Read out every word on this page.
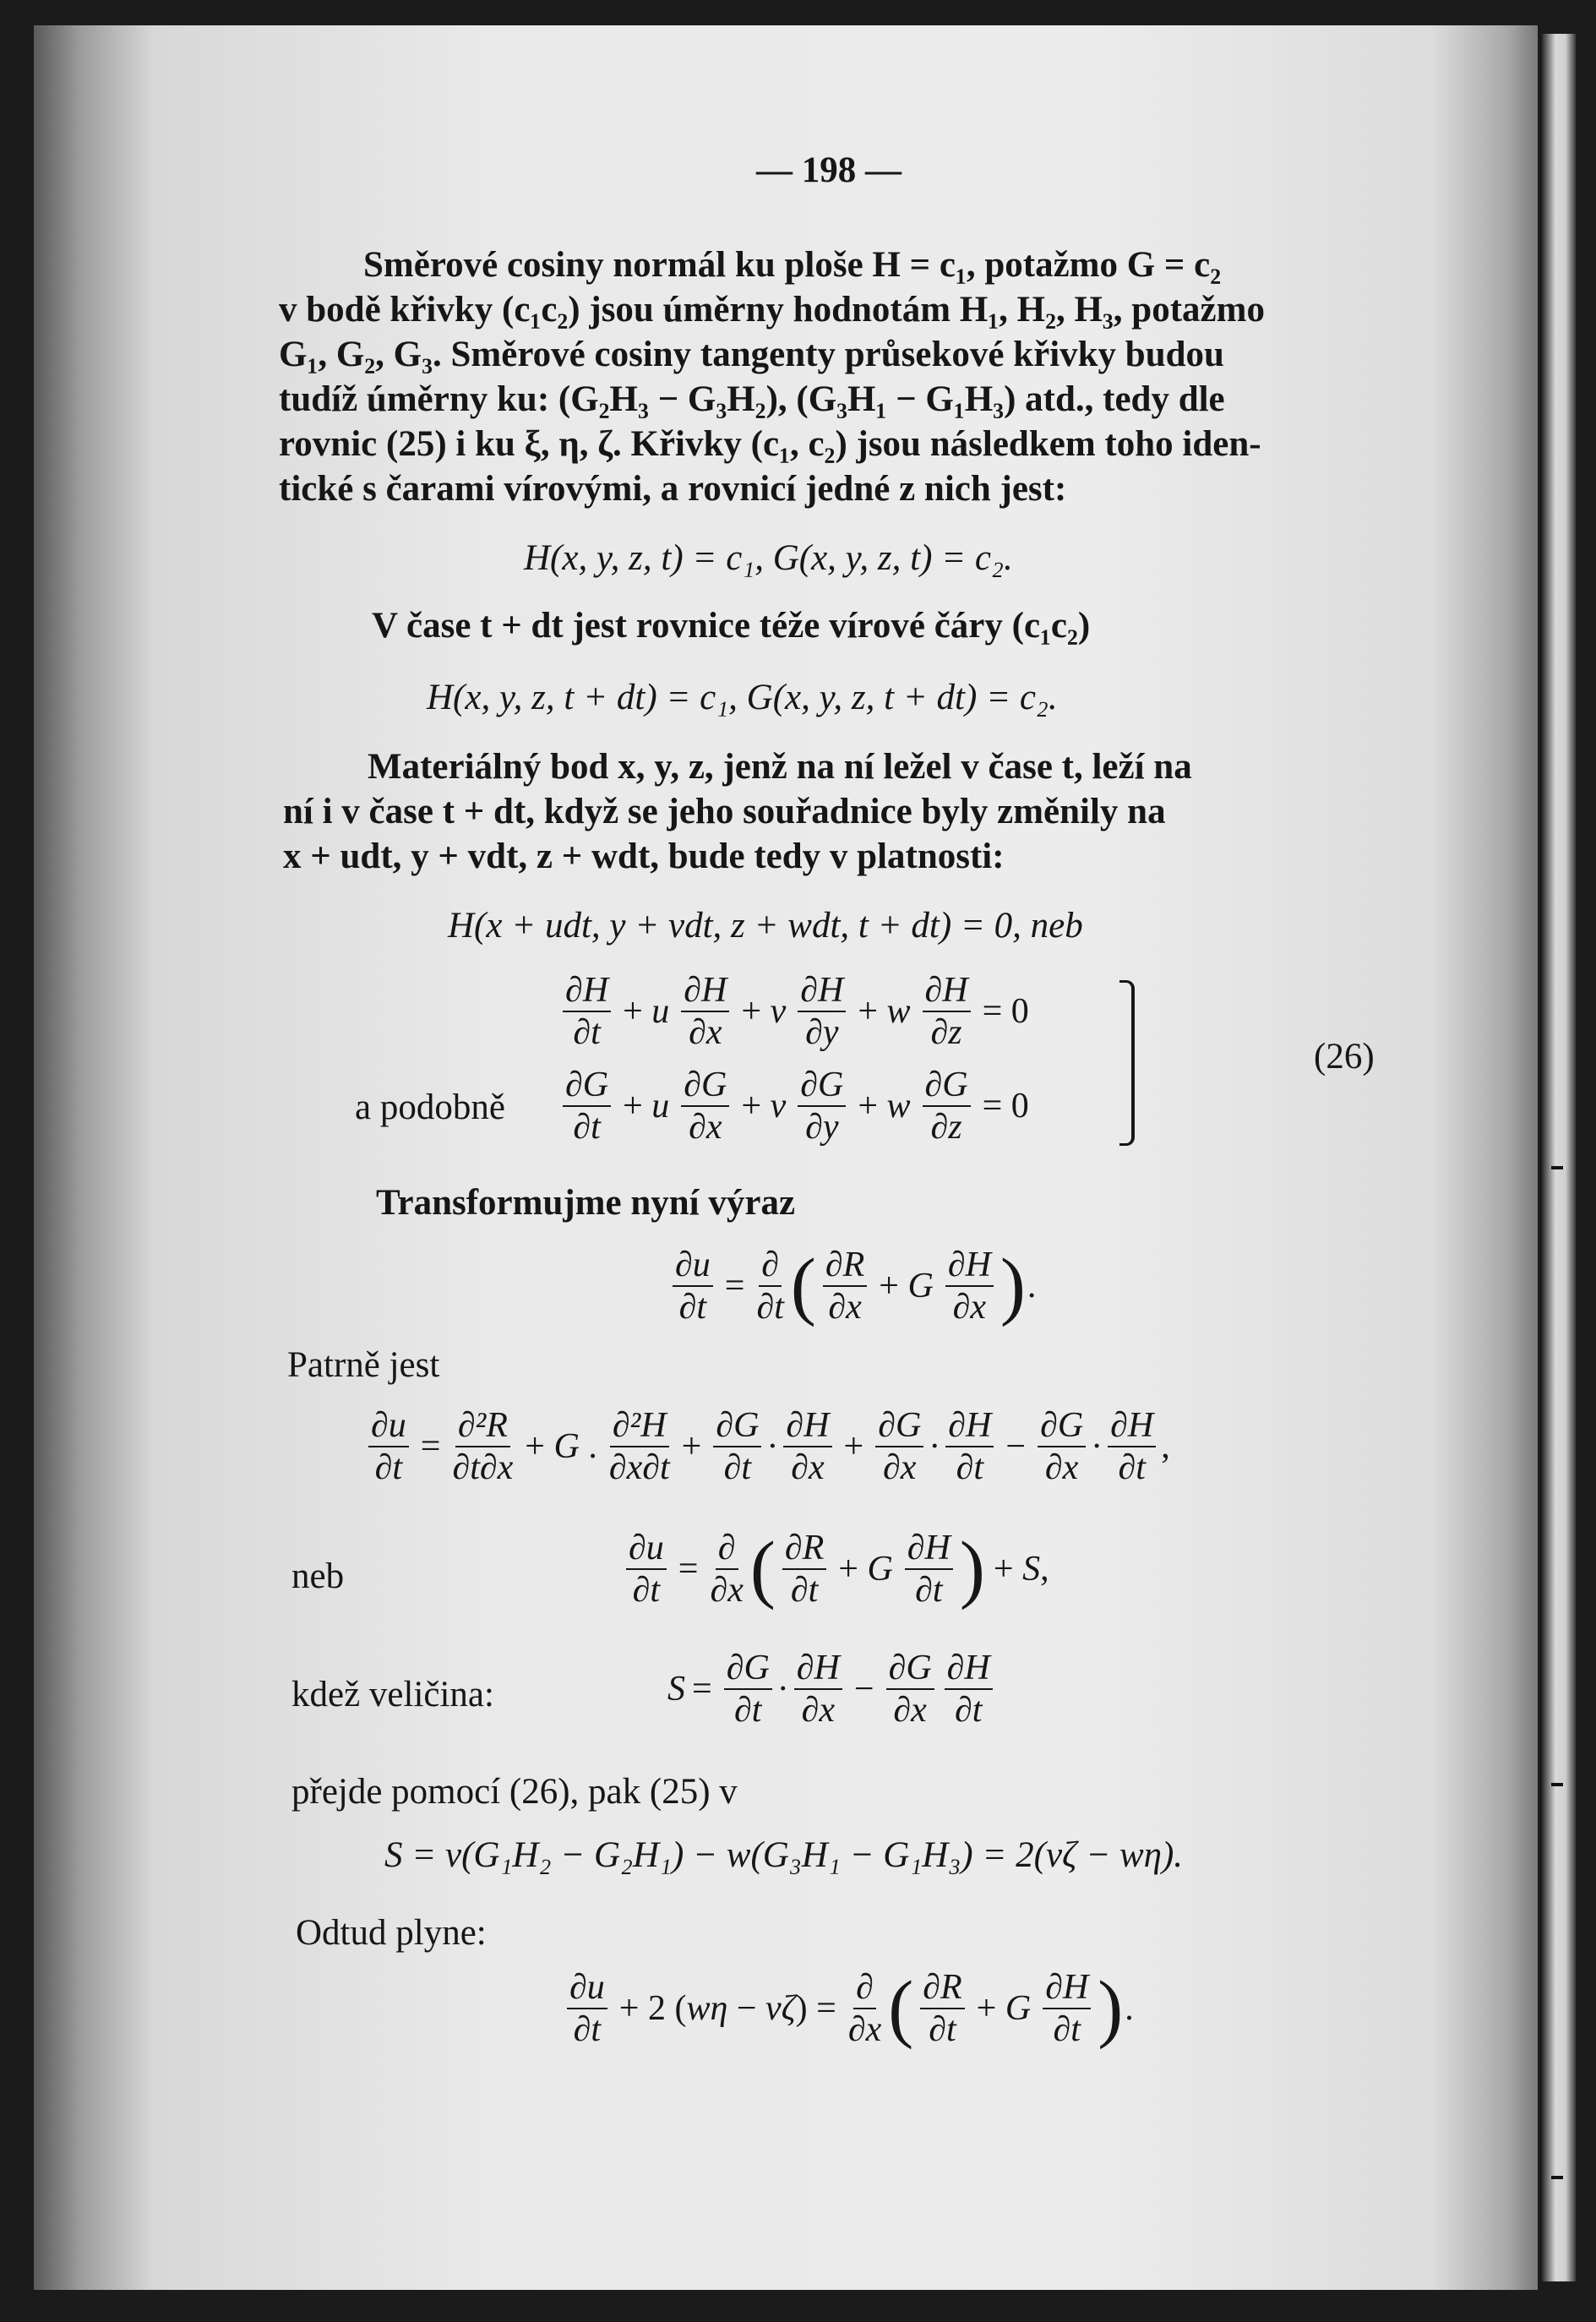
— 198 —
Směrové cosiny normál ku ploše H = c₁, potažmo G = c₂
v bodě křivky (c₁c₂) jsou úměrny hodnotám H₁, H₂, H₃, potažmo
G₁, G₂, G₃. Směrové cosiny tangenty průsekové křivky budou
tudíž úměrny ku: (G₂H₃ − G₃H₂), (G₃H₁ − G₁H₃) atd., tedy dle
rovnic (25) i ku ξ, η, ζ. Křivky (c₁, c₂) jsou následkem toho iden-
tické s čarami vírovými, a rovnicí jedné z nich jest:
H(x, y, z, t) = c₁, G(x, y, z, t) = c₂.
V čase t + dt jest rovnice téže vírové čáry (c₁c₂)
H(x, y, z, t + dt) = c₁, G(x, y, z, t + dt) = c₂.
Materiálný bod x, y, z, jenž na ní ležel v čase t, leží na
ní i v čase t + dt, když se jeho souřadnice byly změnily na
x + udt, y + vdt, z + wdt, bude tedy v platnosti:
H(x + udt, y + vdt, z + wdt, t + dt) = 0, neb
∂H
∂t
+ u
∂H
∂x
+ v
∂H
∂y
+ w $\frac{\partial H}{\partial z} = 0$
a podobně
∂G
∂t
+ u
∂G
∂x
+ v
∂G
∂y
+ w $\frac{\partial G}{\partial z} = 0$
(26)
Transformujme nyní výraz
$\frac{\partial u}{\partial t}$ =
∂
∂t ( ∂R
∂x
+ G
∂H
∂x ) .
Patrně jest
$\frac{\partial u}{\partial t} = \frac{\text{∂²R}}{\partial t\partial x} + G$ .
∂²H
∂x∂t
+ $\frac{\partial G}{\partial t}$ ·
∂H
∂x
+ $\frac{\partial G}{\partial x}$ ·
∂H
∂t
− $\frac{\partial G}{\partial x}$ ·
∂H
∂t
,
neb	$\frac{\partial u}{\partial t}$ =
∂
∂x ( ∂R
∂t
+ G
∂H
∂t ) + S,
kdež veličina:	$S = \frac{\partial G}{\partial t}$ ·
∂H
∂x
− $\frac{\partial G}{\partial x} \partial H$
∂t
přejde pomocí (26), pak (25) v
S = v(G₁H₂ − G₂H₁) − w(G₃H₁ − G₁H₃) = 2(vζ − wη).
Odtud plyne:
∂u
∂t
+ 2 (wη − vζ) =
∂
∂x ( ∂R
∂t
+ G
∂H
∂t ) .
